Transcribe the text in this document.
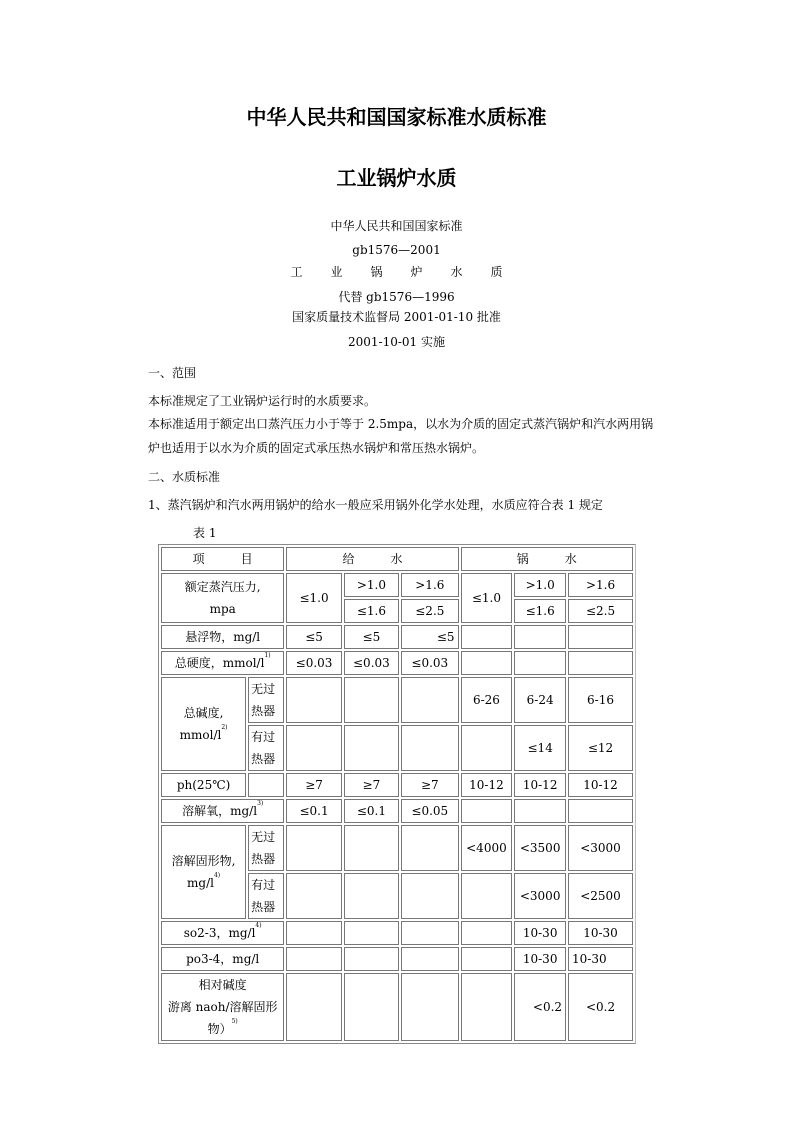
中华人民共和国国家标准水质标准
工业锅炉水质
中华人民共和国国家标准
gb1576—2001
工业锅炉水质
代替 gb1576—1996
国家质量技术监督局 2001-01-10 批准
2001-10-01 实施
一、范围
本标准规定了工业锅炉运行时的水质要求。
本标准适用于额定出口蒸汽压力小于等于 2.5mpa，以水为介质的固定式蒸汽锅炉和汽水两用锅
炉也适用于以水为介质的固定式承压热水锅炉和常压热水锅炉。
二、水质标准
1、蒸汽锅炉和汽水两用锅炉的给水一般应采用锅外化学水处理，水质应符合表 1 规定
表 1
项　　　目		给　　　水			锅　　　水		
额定蒸汽压力,
mpa		≤1.0	>1.0	>1.6	≤1.0	>1.0	>1.6
			≤1.6	≤2.5		≤1.6	≤2.5
悬浮物，mg/l		≤5	≤5	≤5			
总硬度，mmol/$l^{1)}$		≤0.03	≤0.03	≤0.03			
总碱度,
mmol/$l^{2)}$	无过
热器				6-26	6-24	6-16
	有过
热器					≤14	≤12
ph(25℃)		≥7	≥7	≥7	10-12	10-12	10-12
溶解氧，$mg/l^{3)}$		≤0.1	≤0.1	≤0.05			
溶解固形物,
$mg/l^{4)}$	无过
热器				<4000	<3500	<3000
	有过
热器					<3000	<2500
so2-3，$mg/l^{4)}$						10-30	10-30
po3-4，mg/l						10-30	10-30
相对碱度
游离 naoh/溶解固形
物）$^{5)}$						<0.2	<0.2
